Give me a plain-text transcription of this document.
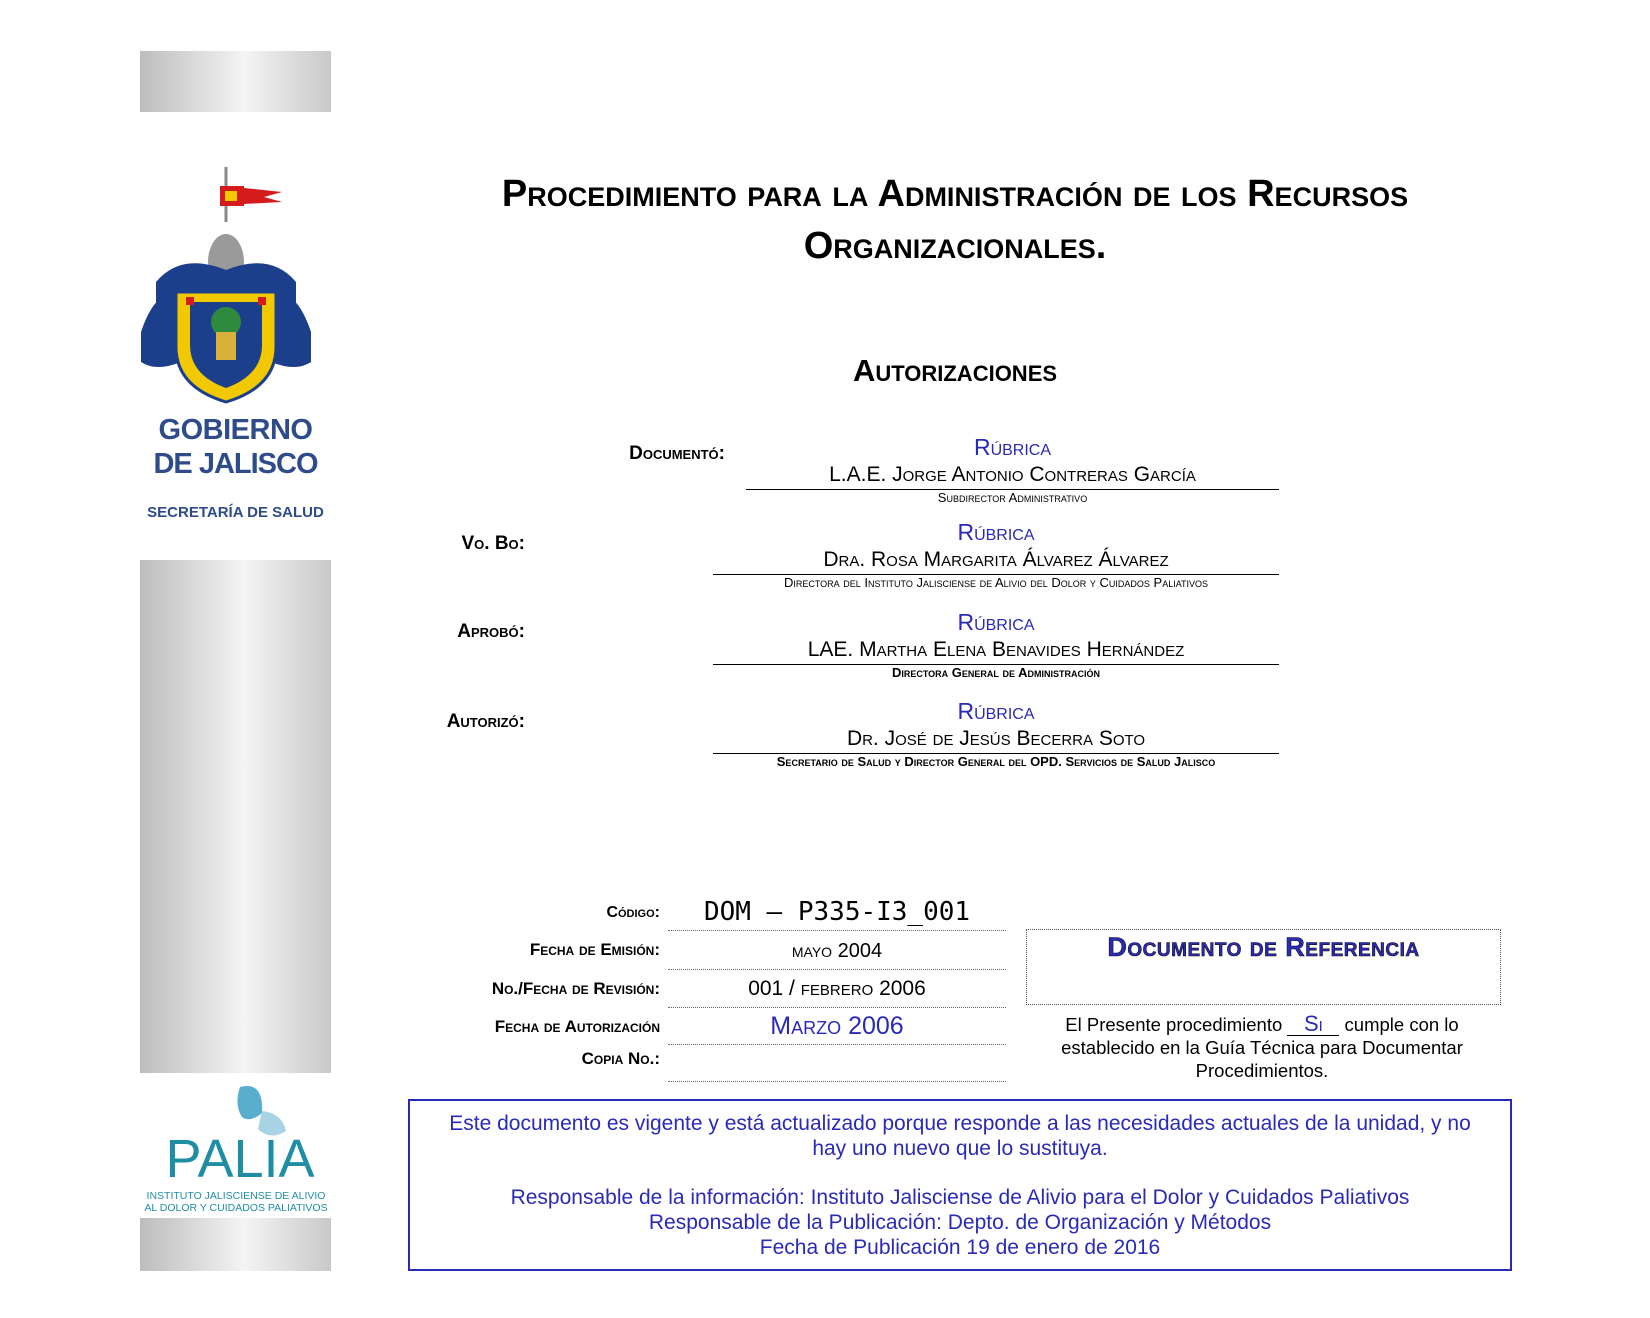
GOBIERNO
DE JALISCO
SECRETARÍA DE SALUD
PALIA
INSTITUTO JALISCIENSE DE ALIVIO
AL DOLOR Y CUIDADOS PALIATIVOS
Procedimiento para la Administración de los Recursos
Organizacionales.
Autorizaciones
Documentó:	Rúbrica
L.A.E. Jorge Antonio Contreras García
Subdirector Administrativo
Vo. Bo:	Rúbrica
Dra. Rosa Margarita Álvarez Álvarez
Directora del Instituto Jalisciense de Alivio del Dolor y Cuidados Paliativos
Aprobó:	Rúbrica
LAE. Martha Elena Benavides Hernández
Directora General de Administración
Autorizó:	Rúbrica
Dr. José de Jesús Becerra Soto
Secretario de Salud y Director General del OPD. Servicios de Salud Jalisco
Código:	DOM – P335-I3_001
Fecha de Emisión:	mayo 2004
No./Fecha de Revisión:	001 / febrero 2006
Fecha de Autorización	Marzo 2006
Copia No.:
Documento de Referencia
El Presente procedimiento Si cumple con lo
establecido en la Guía Técnica para Documentar
Procedimientos.

Este documento es vigente y está actualizado porque responde a las necesidades actuales de la unidad, y no

hay uno nuevo que lo sustituya.

Responsable de la información: Instituto Jalisciense de Alivio para el Dolor y Cuidados Paliativos

Responsable de la Publicación: Depto. de Organización y Métodos

Fecha de Publicación 19 de enero de 2016
